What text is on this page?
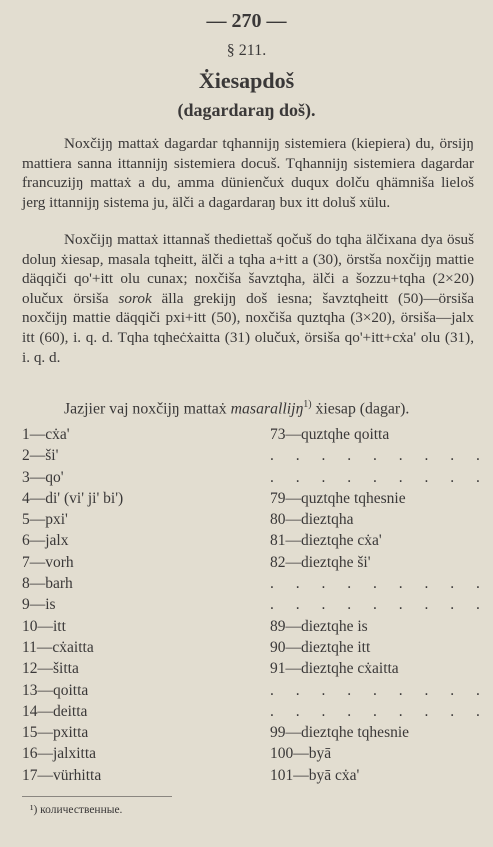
— 270 —
§ 211.
Ẋiesapdoš
(dagardaraŋ doš).

Noxčijŋ mattaẋ dagardar tqhannijŋ sistemiera (kiepiera) du, örsijŋ mattiera sanna ittannijŋ sistemiera docuš. Tqhannijŋ sistemiera dagardar francuzijŋ mattaẋ a du, amma dünienčuẋ duqux dolču qhämniša lieloš jerg ittannijŋ sistema ju, älči a dagardaraŋ bux itt doluš xülu.

Noxčijŋ mattaẋ ittannaš thediettaš qočuš do tqha älčixana dya ösuš doluŋ ẋiesap, masala tqheitt, älči a tqha a+itt a (30), örstša noxčijŋ mattie däqqiči qo'+itt olu cunax; noxčiša šavztqha, älči a šozzu+tqha (2×20) olučux örsiša sorok älla grekijŋ doš iesna; šavztqheitt (50)—örsiša noxčijŋ mattie däqqiči pxi+itt (50), noxčiša quztqha (3×20), örsiša—jalx itt (60), i. q. d. Tqha tqheċẋaitta (31) olučuẋ, örsiša qo'+itt+cẋa' olu (31), i. q. d.

Jazjier vaj noxčijŋ mattaẋ masarallijŋ$^{1)}$ ẋiesap (dagar).

1—cẋa'
2—ši'
3—qo'
4—di' (vi' ji' bi')
5—pxi'
6—jalx
7—vorh
8—barh
9—is
10—itt
11—cẋaitta
12—šitta
13—qoitta
14—deitta
15—pxitta
16—jalxitta
17—vürhitta
73—quztqhe qoitta
. . . . . . . . .
. . . . . . . . .
79—quztqhe tqhesnie
80—dieztqha
81—dieztqhe cẋa'
82—dieztqhe ši'
. . . . . . . . .
. . . . . . . . .
89—dieztqhe is
90—dieztqhe itt
91—dieztqhe cẋaitta
. . . . . . . . .
. . . . . . . . .
99—dieztqhe tqhesnie
100—byā
101—byā cẋa'
¹) количественные.
